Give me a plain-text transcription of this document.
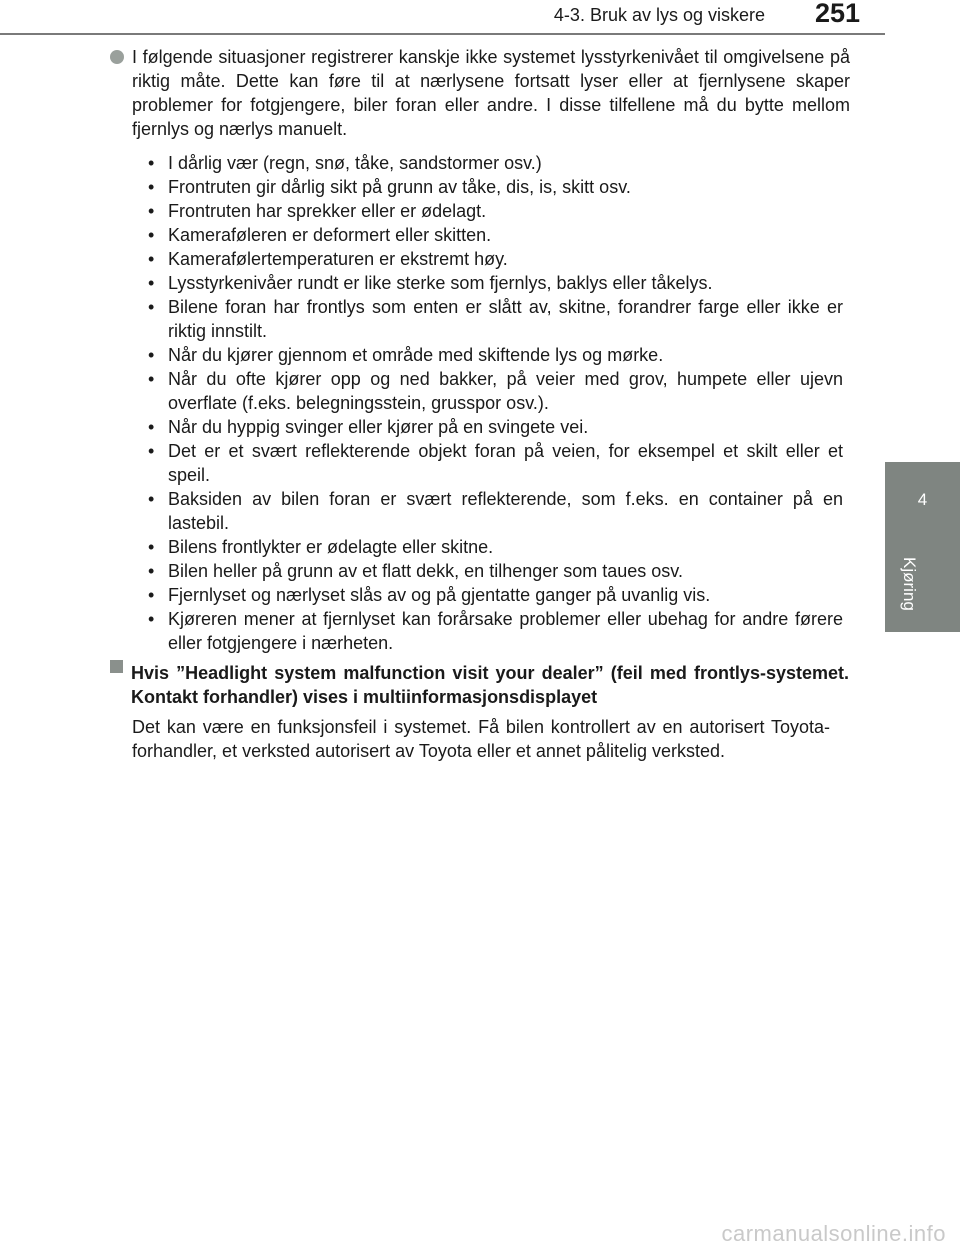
4-3. Bruk av lys og viskere 251
4
Kjøring
I følgende situasjoner registrerer kanskje ikke systemet lysstyrkenivået til omgivelsene på riktig måte. Dette kan føre til at nærlysene fortsatt lyser eller at fjernlysene skaper problemer for fotgjengere, biler foran eller andre. I disse tilfellene må du bytte mellom fjernlys og nærlys manuelt.
• I dårlig vær (regn, snø, tåke, sandstormer osv.)
• Frontruten gir dårlig sikt på grunn av tåke, dis, is, skitt osv.
• Frontruten har sprekker eller er ødelagt.
• Kameraføleren er deformert eller skitten.
• Kamerafølertemperaturen er ekstremt høy.
• Lysstyrkenivåer rundt er like sterke som fjernlys, baklys eller tåkelys.
• Bilene foran har frontlys som enten er slått av, skitne, forandrer farge eller ikke er riktig innstilt.
• Når du kjører gjennom et område med skiftende lys og mørke.
• Når du ofte kjører opp og ned bakker, på veier med grov, humpete eller ujevn overflate (f.eks. belegningsstein, grusspor osv.).
• Når du hyppig svinger eller kjører på en svingete vei.
• Det er et svært reflekterende objekt foran på veien, for eksempel et skilt eller et speil.
• Baksiden av bilen foran er svært reflekterende, som f.eks. en container på en lastebil.
• Bilens frontlykter er ødelagte eller skitne.
• Bilen heller på grunn av et flatt dekk, en tilhenger som taues osv.
• Fjernlyset og nærlyset slås av og på gjentatte ganger på uvanlig vis.
• Kjøreren mener at fjernlyset kan forårsake problemer eller ubehag for andre førere eller fotgjengere i nærheten.
Hvis ”Headlight system malfunction visit your dealer” (feil med frontlys-systemet. Kontakt forhandler) vises i multiinformasjonsdisplayet
Det kan være en funksjonsfeil i systemet. Få bilen kontrollert av en autorisert Toyota-forhandler, et verksted autorisert av Toyota eller et annet pålitelig verksted.
carmanualsonline.info
